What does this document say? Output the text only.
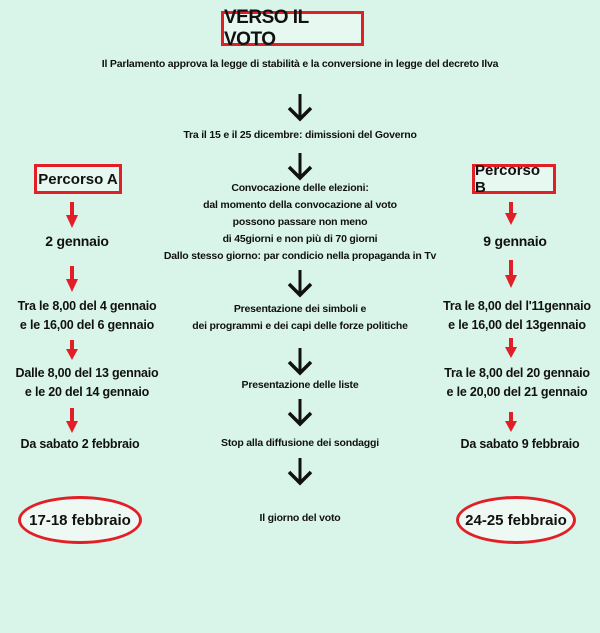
VERSO IL VOTO
Il Parlamento approva la legge di stabilità e la conversione in legge del decreto Ilva
Tra il 15 e il 25 dicembre: dimissioni del Governo
Convocazione delle elezioni:
dal momento della convocazione al voto
possono passare non meno
di 45giorni e non più di 70 giorni
Dallo stesso giorno: par condicio nella propaganda in Tv
Presentazione dei simboli e
dei programmi e dei capi delle forze politiche
Presentazione delle liste
Stop alla diffusione dei sondaggi
Il giorno del voto
Percorso A
2 gennaio
Tra le 8,00 del 4 gennaio
e le 16,00 del 6 gennaio
Dalle 8,00 del 13 gennaio
e le 20 del 14 gennaio
Da sabato 2 febbraio
17-18 febbraio
Percorso B
9 gennaio
Tra le 8,00 del l'11gennaio
e le 16,00 del 13gennaio
Tra le 8,00 del 20 gennaio
e le 20,00 del 21 gennaio
Da sabato 9 febbraio
24-25 febbraio
